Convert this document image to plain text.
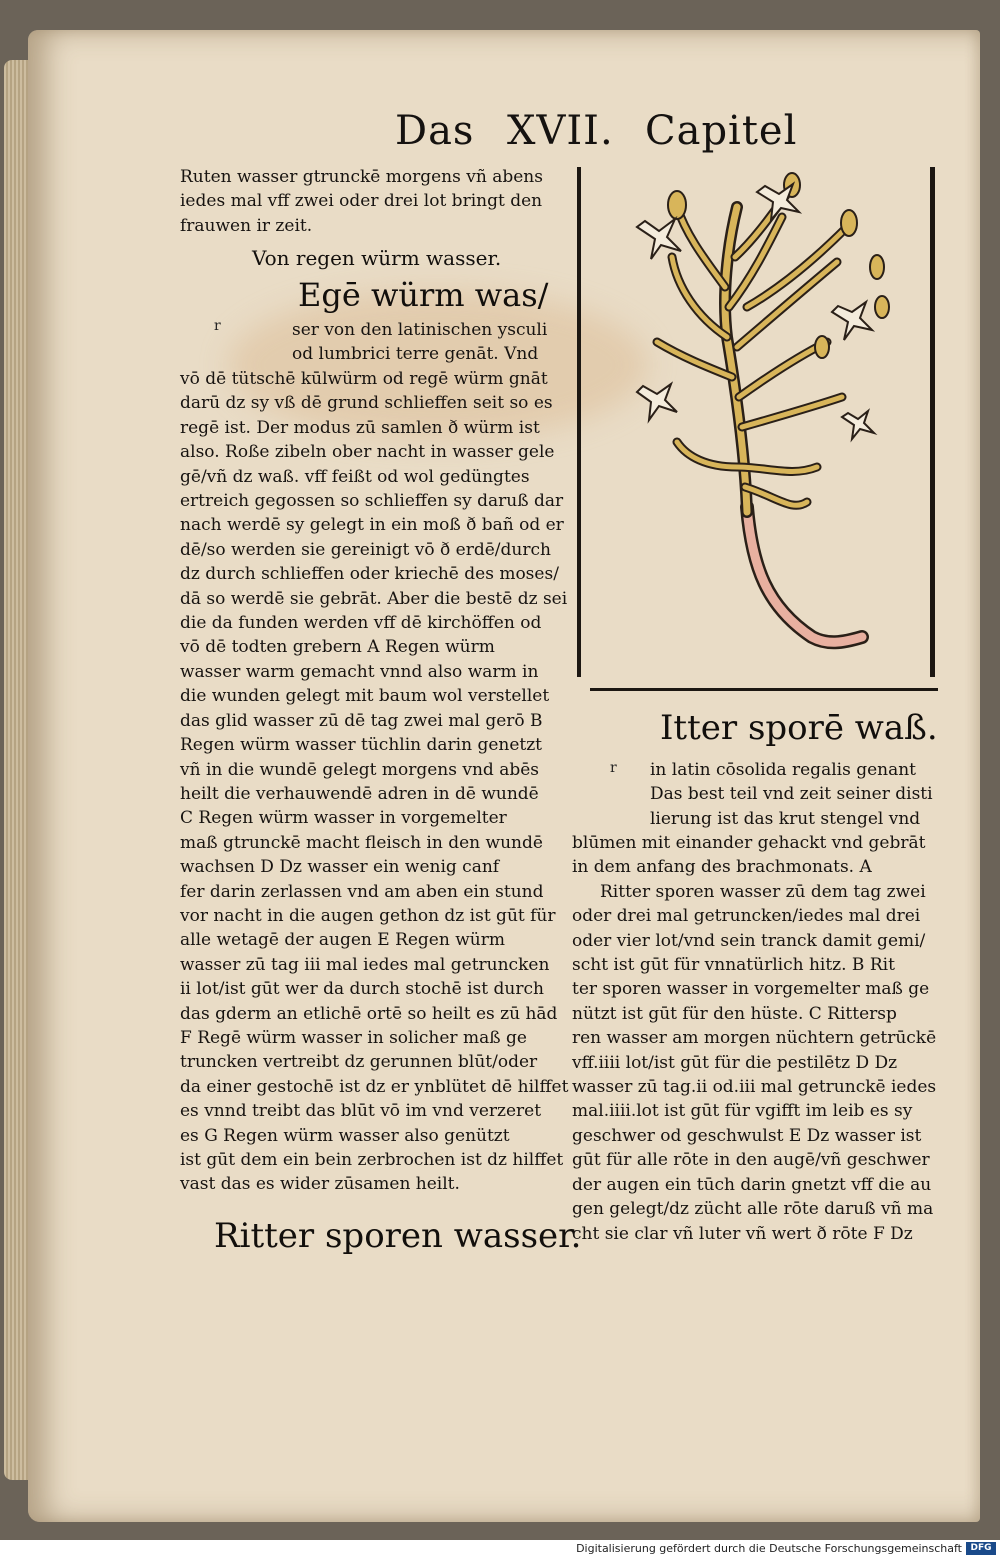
Das XVII. Capitel
Ruten wasser gtrunckē morgens vñ abens
iedes mal vff zwei oder drei lot bringt den
frauwen ir zeit.
Von regen würm wasser.
Egē würm was/
r	ser von den latinischen ysculi
od lumbrici terre genāt. Vnd
vō dē tütschē kūlwürm od regē würm gnāt
darū dz sy vß dē grund schlieffen seit so es
regē ist. Der modus zū samlen ð würm ist
also. Roße zibeln ober nacht in wasser gele
gē/vñ dz waß. vff feißt od wol gedüngtes
ertreich gegossen so schlieffen sy daruß dar
nach werdē sy gelegt in ein moß ð bañ od er
dē/so werden sie gereinigt vō ð erdē/durch
dz durch schlieffen oder kriechē des moses/
dā so werdē sie gebrāt. Aber die bestē dz sei
die da funden werden vff dē kirchöffen od
vō dē todten grebern A Regen würm
wasser warm gemacht vnnd also warm in
die wunden gelegt mit baum wol verstellet
das glid wasser zū dē tag zwei mal gerō B
Regen würm wasser tüchlin darin genetzt
vñ in die wundē gelegt morgens vnd abēs
heilt die verhauwendē adren in dē wundē
C Regen würm wasser in vorgemelter
maß gtrunckē macht fleisch in den wundē
wachsen D Dz wasser ein wenig canf
fer darin zerlassen vnd am aben ein stund
vor nacht in die augen gethon dz ist gūt für
alle wetagē der augen E Regen würm
wasser zū tag iii mal iedes mal getruncken
ii lot/ist gūt wer da durch stochē ist durch
das gderm an etlichē ortē so heilt es zū hād
F Regē würm wasser in solicher maß ge
truncken vertreibt dz gerunnen blūt/oder
da einer gestochē ist dz er ynblütet dē hilffet
es vnnd treibt das blūt vō im vnd verzeret
es G Regen würm wasser also genützt
ist gūt dem ein bein zerbrochen ist dz hilffet
vast das es wider zūsamen heilt.
Ritter sporen wasser.
Itter sporē waß.
r in latin cōsolida regalis genant
Das best teil vnd zeit seiner disti
lierung ist das krut stengel vnd
blūmen mit einander gehackt vnd gebrāt
in dem anfang des brachmonats. A
Ritter sporen wasser zū dem tag zwei
oder drei mal getruncken/iedes mal drei
oder vier lot/vnd sein tranck damit gemi/
scht ist gūt für vnnatürlich hitz. B Rit
ter sporen wasser in vorgemelter maß ge
nützt ist gūt für den hüste. C Rittersp
ren wasser am morgen nüchtern getrūckē
vff.iiii lot/ist gūt für die pestilētz D Dz
wasser zū tag.ii od.iii mal getrunckē iedes
mal.iiii.lot ist gūt für vgifft im leib es sy
geschwer od geschwulst E Dz wasser ist
gūt für alle rōte in den augē/vñ geschwer
der augen ein tūch darin gnetzt vff die au
gen gelegt/dz zücht alle rōte daruß vñ ma
cht sie clar vñ luter vñ wert ð rōte F Dz
Digitalisierung gefördert durch die Deutsche Forschungsgemeinschaft DFG
